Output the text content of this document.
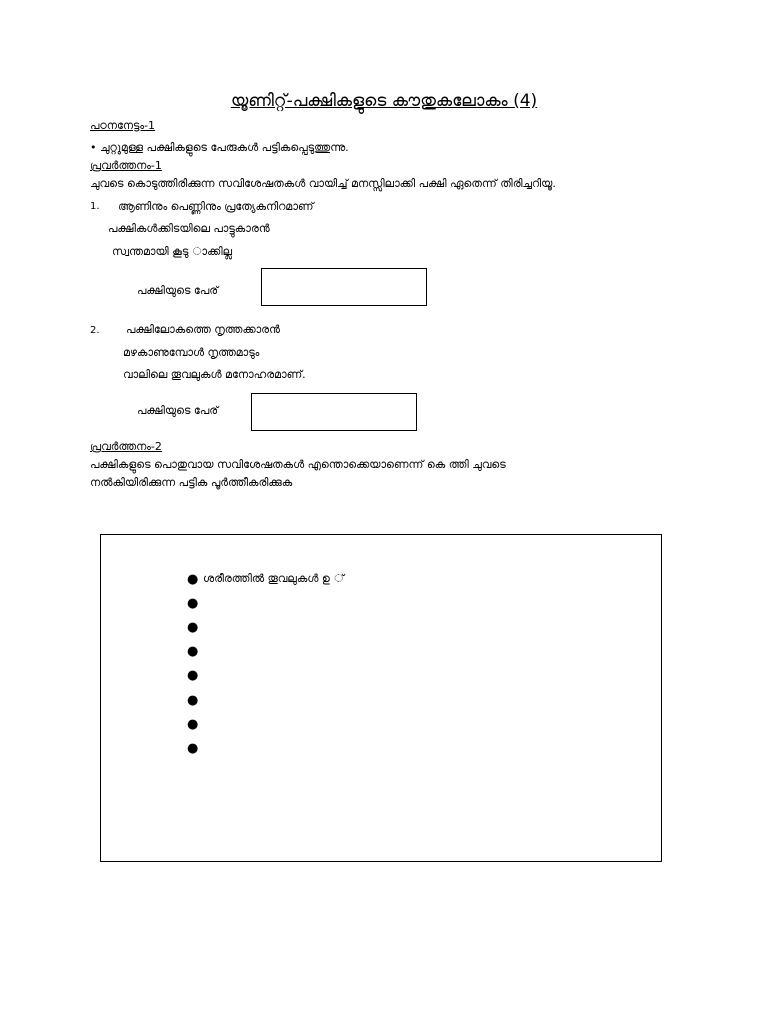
യൂണിറ്റ്-പക്ഷികളുടെ കൗതുകലോകം (4)
പഠനനേട്ടം-1
• ചുറ്റുമുള്ള പക്ഷികളുടെ പേരുകൾ പട്ടികപ്പെടുത്തുന്നു.
പ്രവർത്തനം-1
ചുവടെ കൊടുത്തിരിക്കുന്ന സവിശേഷതകൾ വായിച്ച് മനസ്സിലാക്കി പക്ഷി ഏതെന്ന് തിരിച്ചറിയൂ.
1. ആണിനും പെണ്ണിനും പ്രത്യേകനിറമാണ്
പക്ഷികൾക്കിടയിലെ പാട്ടുകാരൻ
സ്വന്തമായി കൂടു ാക്കില്ല
പക്ഷിയുടെ പേര്
2. പക്ഷിലോകത്തെ നൃത്തക്കാരൻ
മഴകാണുമ്പോൾ നൃത്തമാടും
വാലിലെ തൂവലുകൾ മനോഹരമാണ്.
പക്ഷിയുടെ പേര്
പ്രവർത്തനം-2
പക്ഷികളുടെ പൊതുവായ സവിശേഷതകൾ എന്തൊക്കെയാണെന്ന് കെ ത്തി ചുവടെ
നൽകിയിരിക്കുന്ന പട്ടിക പൂർത്തീകരിക്കുക
● ശരീരത്തിൽ തൂവലുകൾ ഉ ്
●
●
●
●
●
●
●
